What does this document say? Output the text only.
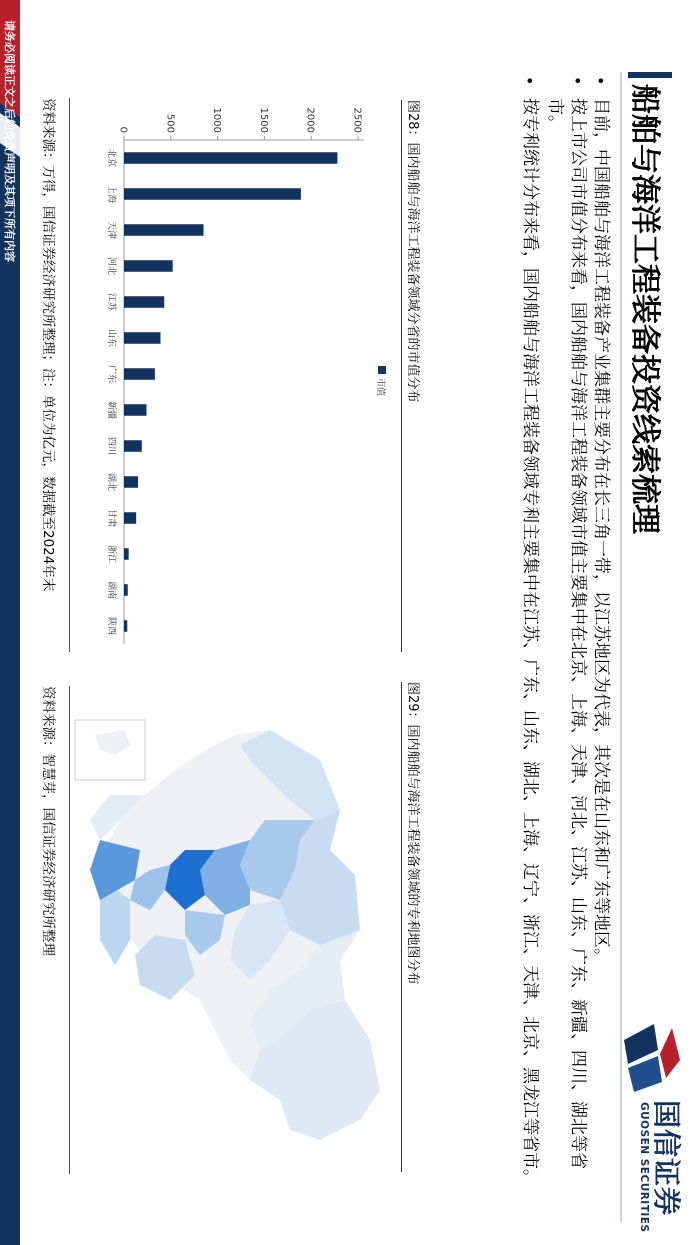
请务必阅读正文之后的免责声明及其项下所有内容
国信证券
GUOSEN SECURITIES
船舶与海洋工程装备投资线索梳理
• 目前，中国船舶与海洋工程装备产业集群主要分布在长三角一带，以江苏地区为代表，其次是在山东和广东等地区。
• 按上市公司市值分布来看，国内船舶与海洋工程装备领域市值主要集中在北京、上海、天津、河北、江苏、山东、广东、新疆、四川、湖北等省市。
• 按专利统计分布来看，国内船舶与海洋工程装备领域专利主要集中在江苏、广东、山东、湖北、上海、辽宁、浙江、天津、北京、黑龙江等省市。
图28：国内船舶与海洋工程装备领域分省的市值分布
图29：国内船舶与海洋工程装备领域的专利地图分布
0	500	1000	1500	2000	2500
北京
上海
天津
河北
江苏
山东
广东
新疆
四川
湖北
甘肃
浙江
湖南
陕西
市值
资料来源：万得，国信证券经济研究所整理；注：单位为亿元，数据截至2024年末
资料来源：智慧芽，国信证券经济研究所整理
